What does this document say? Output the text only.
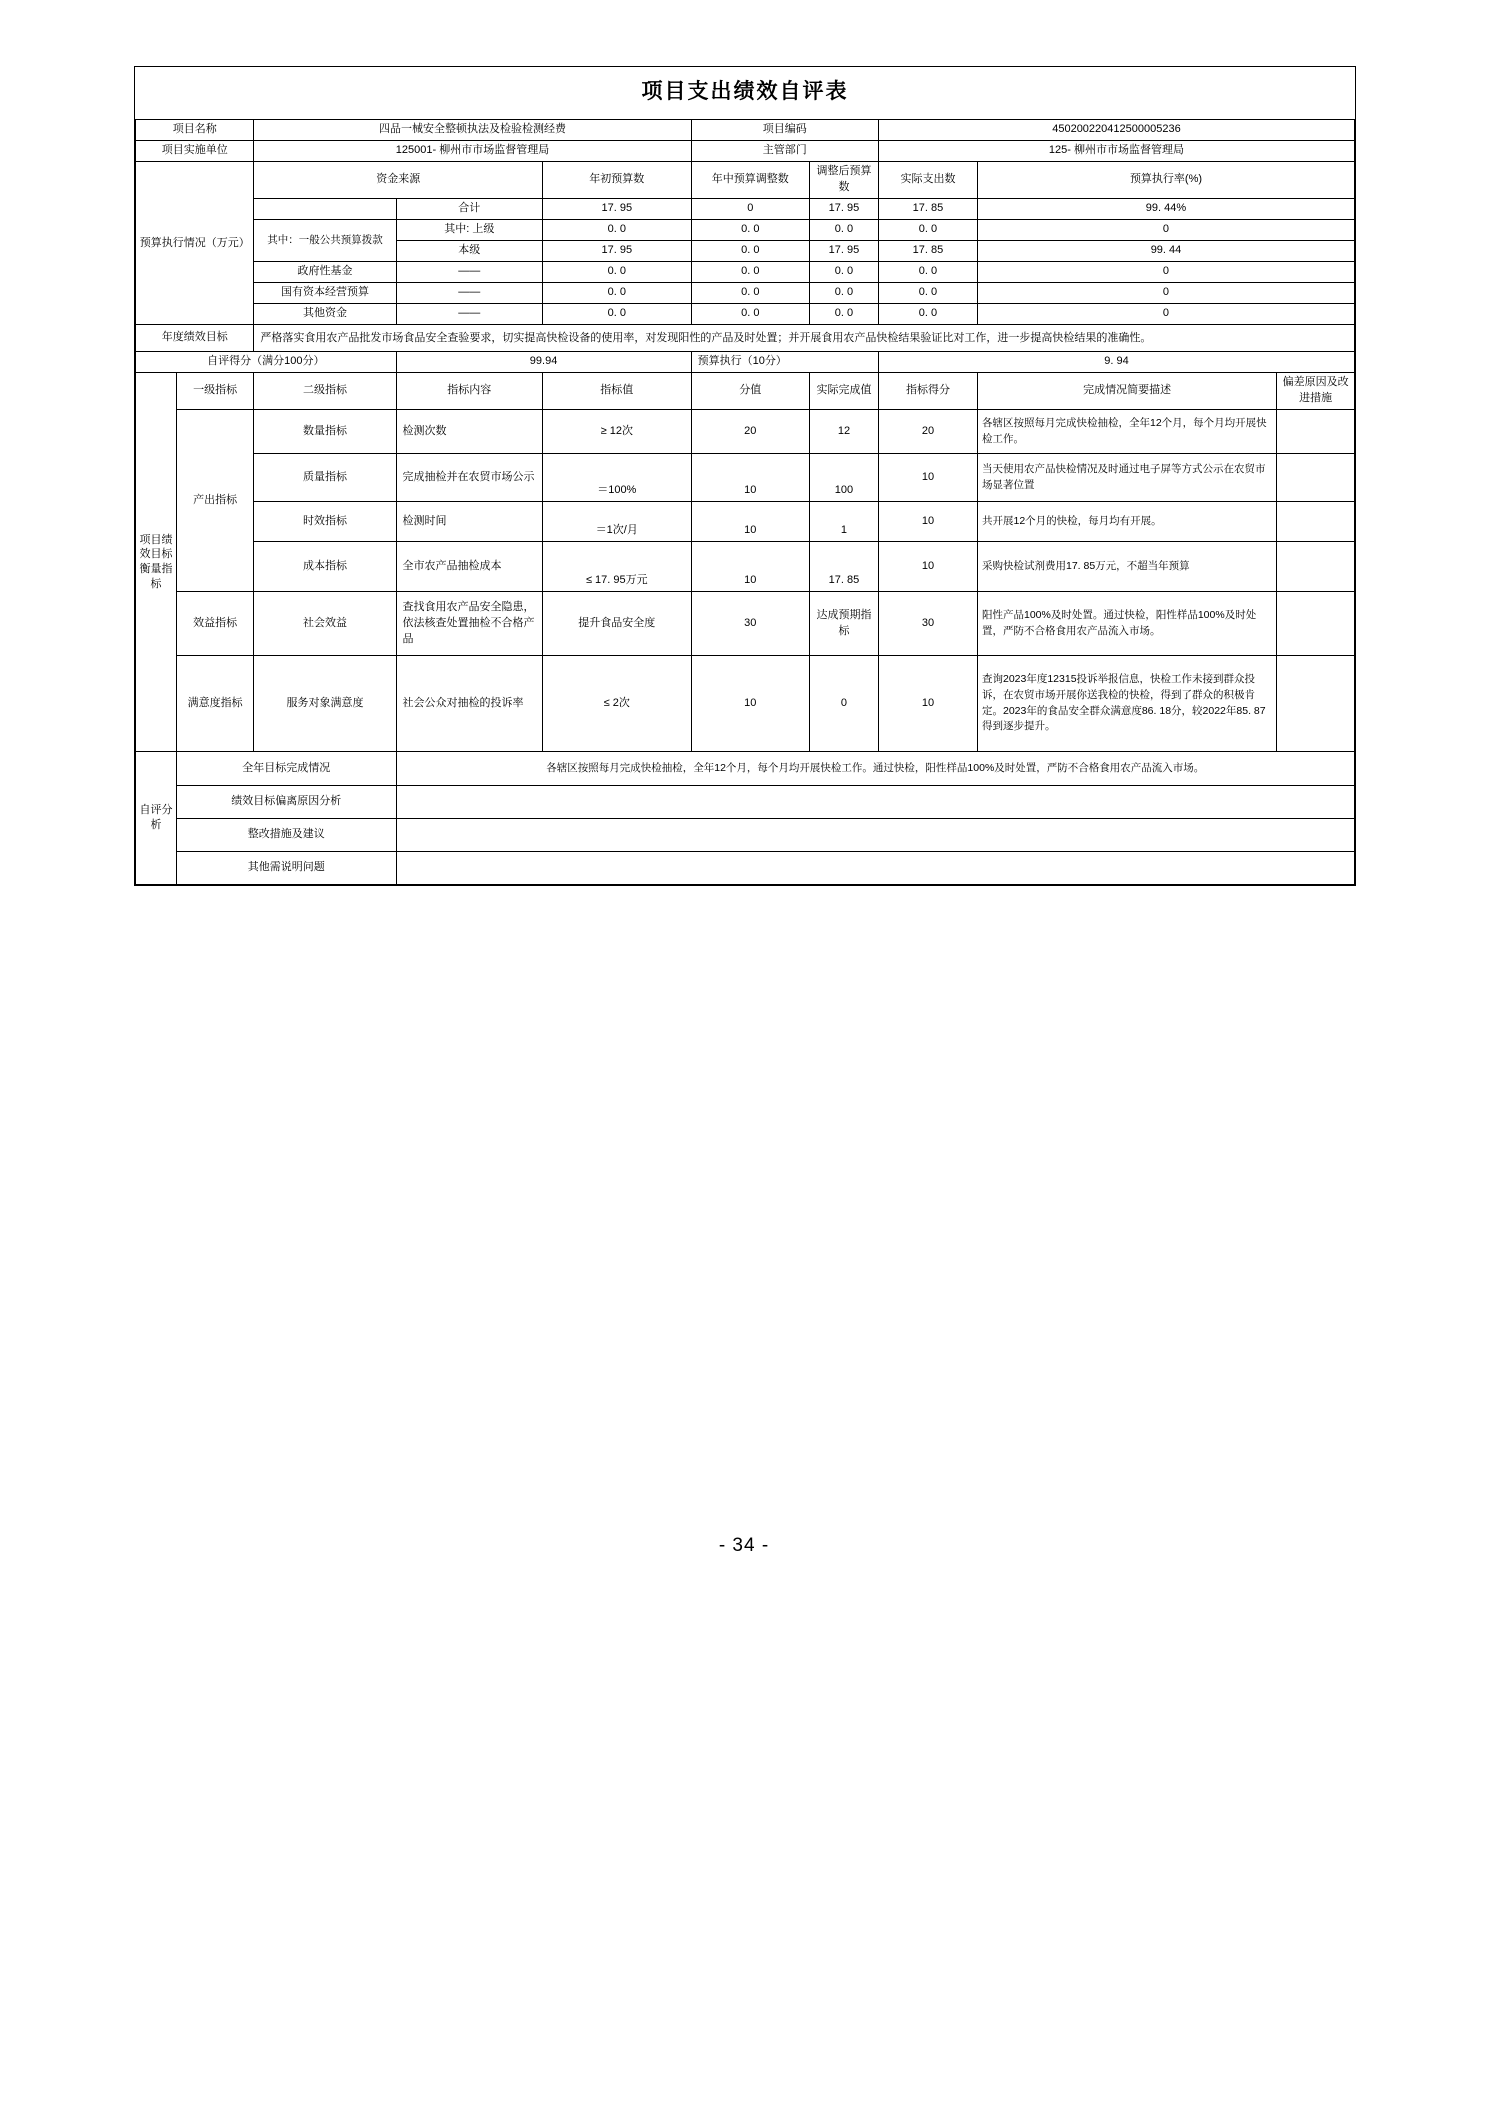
项目支出绩效自评表									
项目名称		四品一械安全整顿执法及检验检测经费			项目编码		450200220412500005236		
项目实施单位		125001- 柳州市市场监督管理局			主管部门		125- 柳州市市场监督管理局		
预算执行情况（万元）		资金来源		年初预算数	年中预算调整数	调整后预算数	实际支出数	预算执行率(%)	
			合计	17. 95	0	17. 95	17. 85	99. 44%	
		其中：一般公共预算拨款	其中: 上级	0. 0	0. 0	0. 0	0. 0	0	
			本级	17. 95	0. 0	17. 95	17. 85	99. 44	
		政府性基金	——	0. 0	0. 0	0. 0	0. 0	0	
		国有资本经营预算	——	0. 0	0. 0	0. 0	0. 0	0	
		其他资金	——	0. 0	0. 0	0. 0	0. 0	0	
年度绩效目标		严格落实食用农产品批发市场食品安全查验要求，切实提高快检设备的使用率，对发现阳性的产品及时处置；并开展食用农产品快检结果验证比对工作，进一步提高快检结果的准确性。							
自评得分（满分100分）			99.94		预算执行（10分）		9. 94		
项目绩效目标衡量指标	一级指标	二级指标	指标内容	指标值	分值	实际完成值	指标得分	完成情况简要描述	偏差原因及改进措施
	产出指标	数量指标	检测次数	≥ 12次	20	12	20	各辖区按照每月完成快检抽检，全年12个月，每个月均开展快检工作。	
		质量指标	完成抽检并在农贸市场公示	＝100%	10	100	10	当天使用农产品快检情况及时通过电子屏等方式公示在农贸市场显著位置	
		时效指标	检测时间	＝1次/月	10	1	10	共开展12个月的快检，每月均有开展。	
		成本指标	全市农产品抽检成本	≤ 17. 95万元	10	17. 85	10	采购快检试剂费用17. 85万元，不超当年预算	
	效益指标	社会效益	查找食用农产品安全隐患，依法核查处置抽检不合格产品	提升食品安全度	30	达成预期指标	30	阳性产品100%及时处置。通过快检，阳性样品100%及时处置，严防不合格食用农产品流入市场。	
	满意度指标	服务对象满意度	社会公众对抽检的投诉率	≤ 2次	10	0	10	查询2023年度12315投诉举报信息，快检工作未接到群众投诉，在农贸市场开展你送我检的快检，得到了群众的积极肯定。2023年的食品安全群众满意度86. 18分，较2022年85. 87得到逐步提升。	
自评分析	全年目标完成情况		各辖区按照每月完成快检抽检，全年12个月，每个月均开展快检工作。通过快检，阳性样品100%及时处置，严防不合格食用农产品流入市场。						
	绩效目标偏离原因分析								
	整改措施及建议								
	其他需说明问题								
- 34 -
